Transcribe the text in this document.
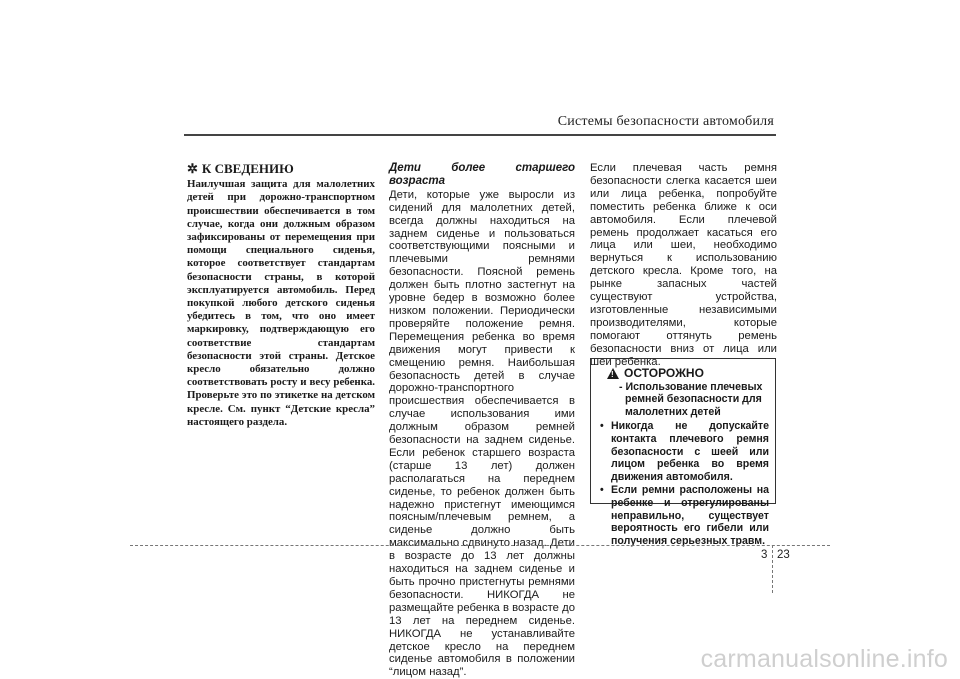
Системы безопасности автомобиля
✲ К СВЕДЕНИЮ

Наилучшая защита для малолетних детей при дорожно-транспортном происшествии обеспечивается в том случае, когда они должным образом зафиксированы от перемещения при помощи специального сиденья, которое соответствует стандартам безопасности страны, в которой эксплуатируется автомобиль. Перед покупкой любого детского сиденья убедитесь в том, что оно имеет маркировку, подтверждающую его соответствие стандартам безопасности этой страны. Детское кресло обязательно должно соответствовать росту и весу ребенка. Проверьте это по этикетке на детском кресле. См. пункт “Детские кресла” настоящего раздела.

Дети более старшего возраста

Дети, которые уже выросли из сидений для малолетних детей, всегда должны находиться на заднем сиденье и пользоваться соответствующими поясными и плечевыми ремнями безопасности. Поясной ремень должен быть плотно застегнут на уровне бедер в возможно более низком положении. Периодически проверяйте положение ремня. Перемещения ребенка во время движения могут привести к смещению ремня. Наибольшая безопасность детей в случае дорожно-транспортного происшествия обеспечивается в случае использования ими должным образом ремней безопасности на заднем сиденье. Если ребенок старшего возраста (старше 13 лет) должен располагаться на переднем сиденье, то ребенок должен быть надежно пристегнут имеющимся поясным/плечевым ремнем, а сиденье должно быть максимально сдвинуто назад. Дети в возрасте до 13 лет должны находиться на заднем сиденье и быть прочно пристегнуты ремнями безопасности. НИКОГДА не размещайте ребенка в возрасте до 13 лет на переднем сиденье. НИКОГДА не устанавливайте детское кресло на переднем сиденье автомобиля в положении “лицом назад”.

Если плечевая часть ремня безопасности слегка касается шеи или лица ребенка, попробуйте поместить ребенка ближе к оси автомобиля. Если плечевой ремень продолжает касаться его лица или шеи, необходимо вернуться к использованию детского кресла. Кроме того, на рынке запасных частей существуют устройства, изготовленные независимыми производителями, которые помогают оттянуть ремень безопасности вниз от лица или шеи ребенка.

! ОСТОРОЖНО
- Использование плечевых ремней безопасности для малолетних детей
• Никогда не допускайте контакта плечевого ремня безопасности с шеей или лицом ребенка во время движения автомобиля.
• Если ремни расположены на ребенке и отрегулированы неправильно, существует вероятность его гибели или получения серьезных травм.
3 23
carmanualsonline.info
